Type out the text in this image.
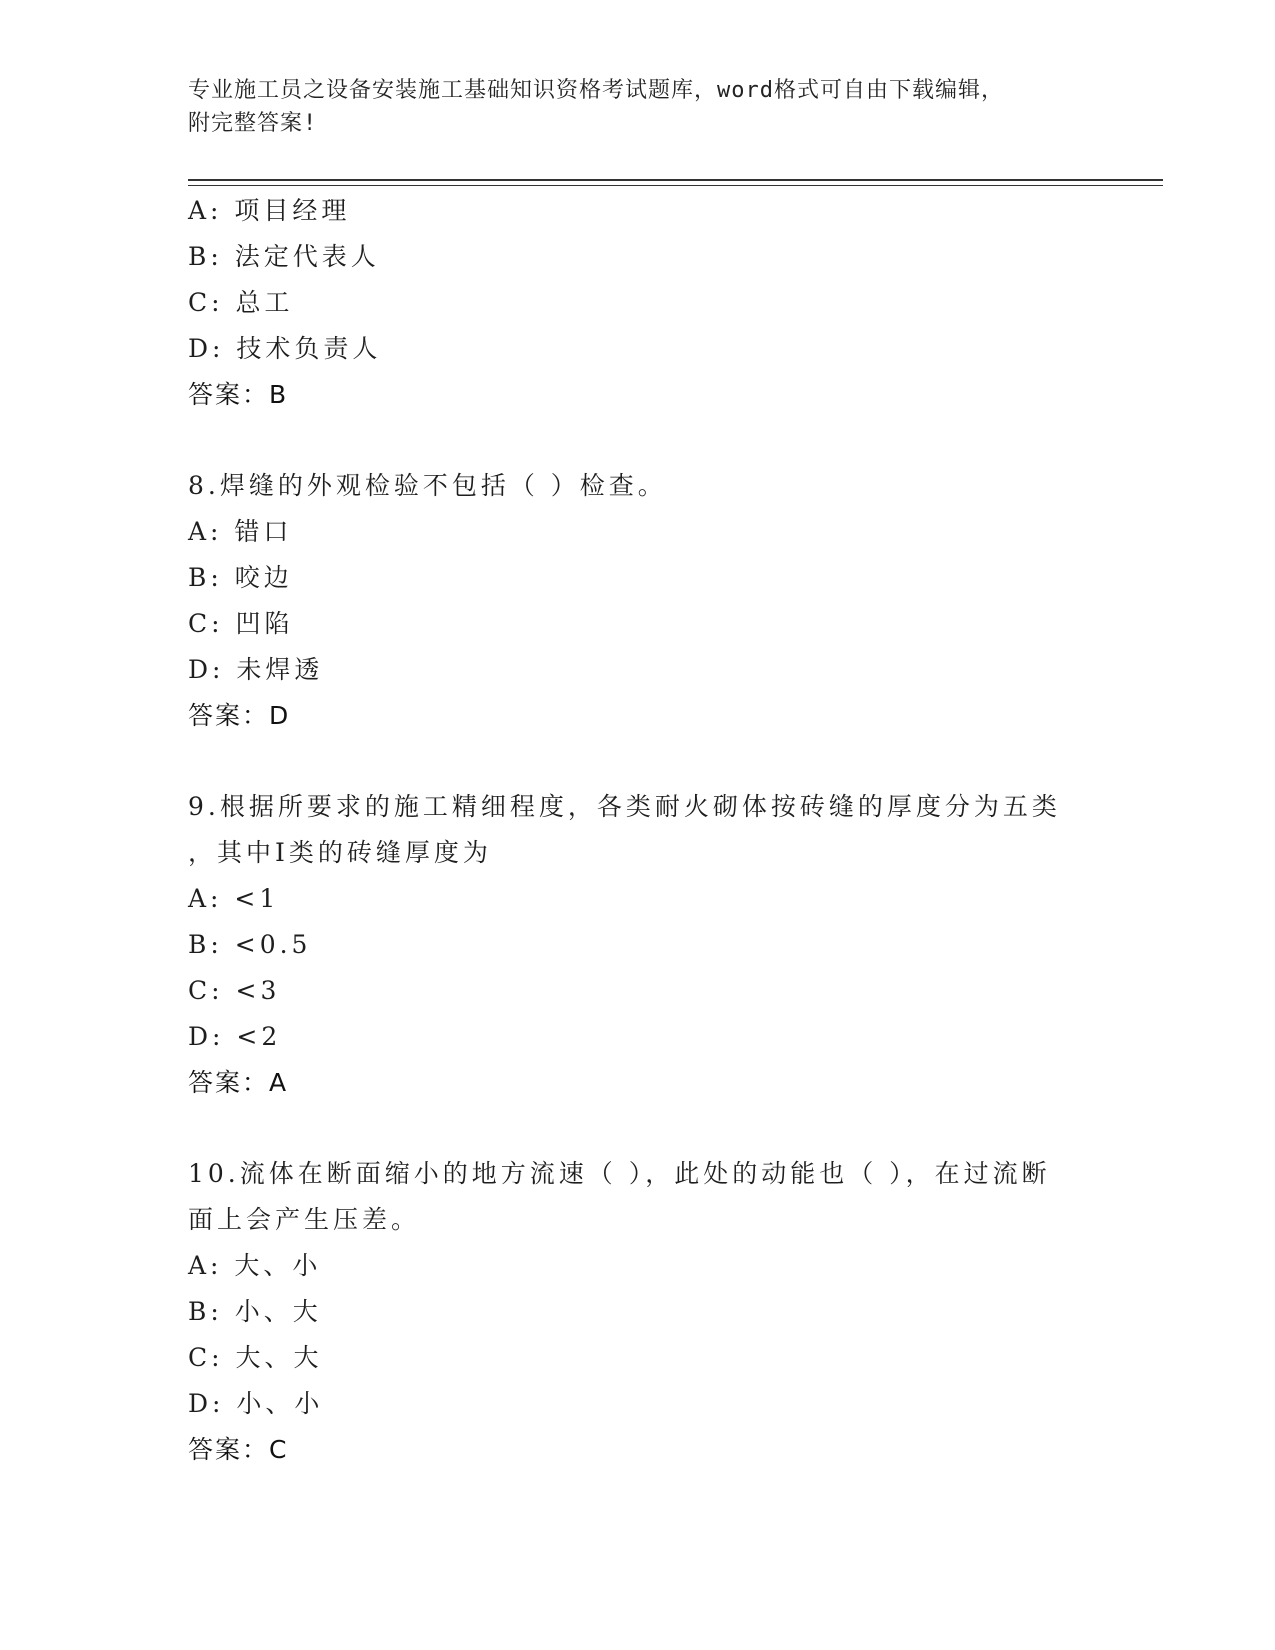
专业施工员之设备安装施工基础知识资格考试题库，word格式可自由下载编辑，
附完整答案!
A: 项目经理
B: 法定代表人
C: 总工
D: 技术负责人
答案：B
8.焊缝的外观检验不包括（ ）检查。
A: 错口
B: 咬边
C: 凹陷
D: 未焊透
答案：D
9.根据所要求的施工精细程度，各类耐火砌体按砖缝的厚度分为五类
，其中Ⅰ类的砖缝厚度为
A: <1
B: <0.5
C: <3
D: <2
答案：A
10.流体在断面缩小的地方流速（ ），此处的动能也（ ），在过流断
面上会产生压差。
A: 大、小
B: 小、大
C: 大、大
D: 小、小
答案：C
